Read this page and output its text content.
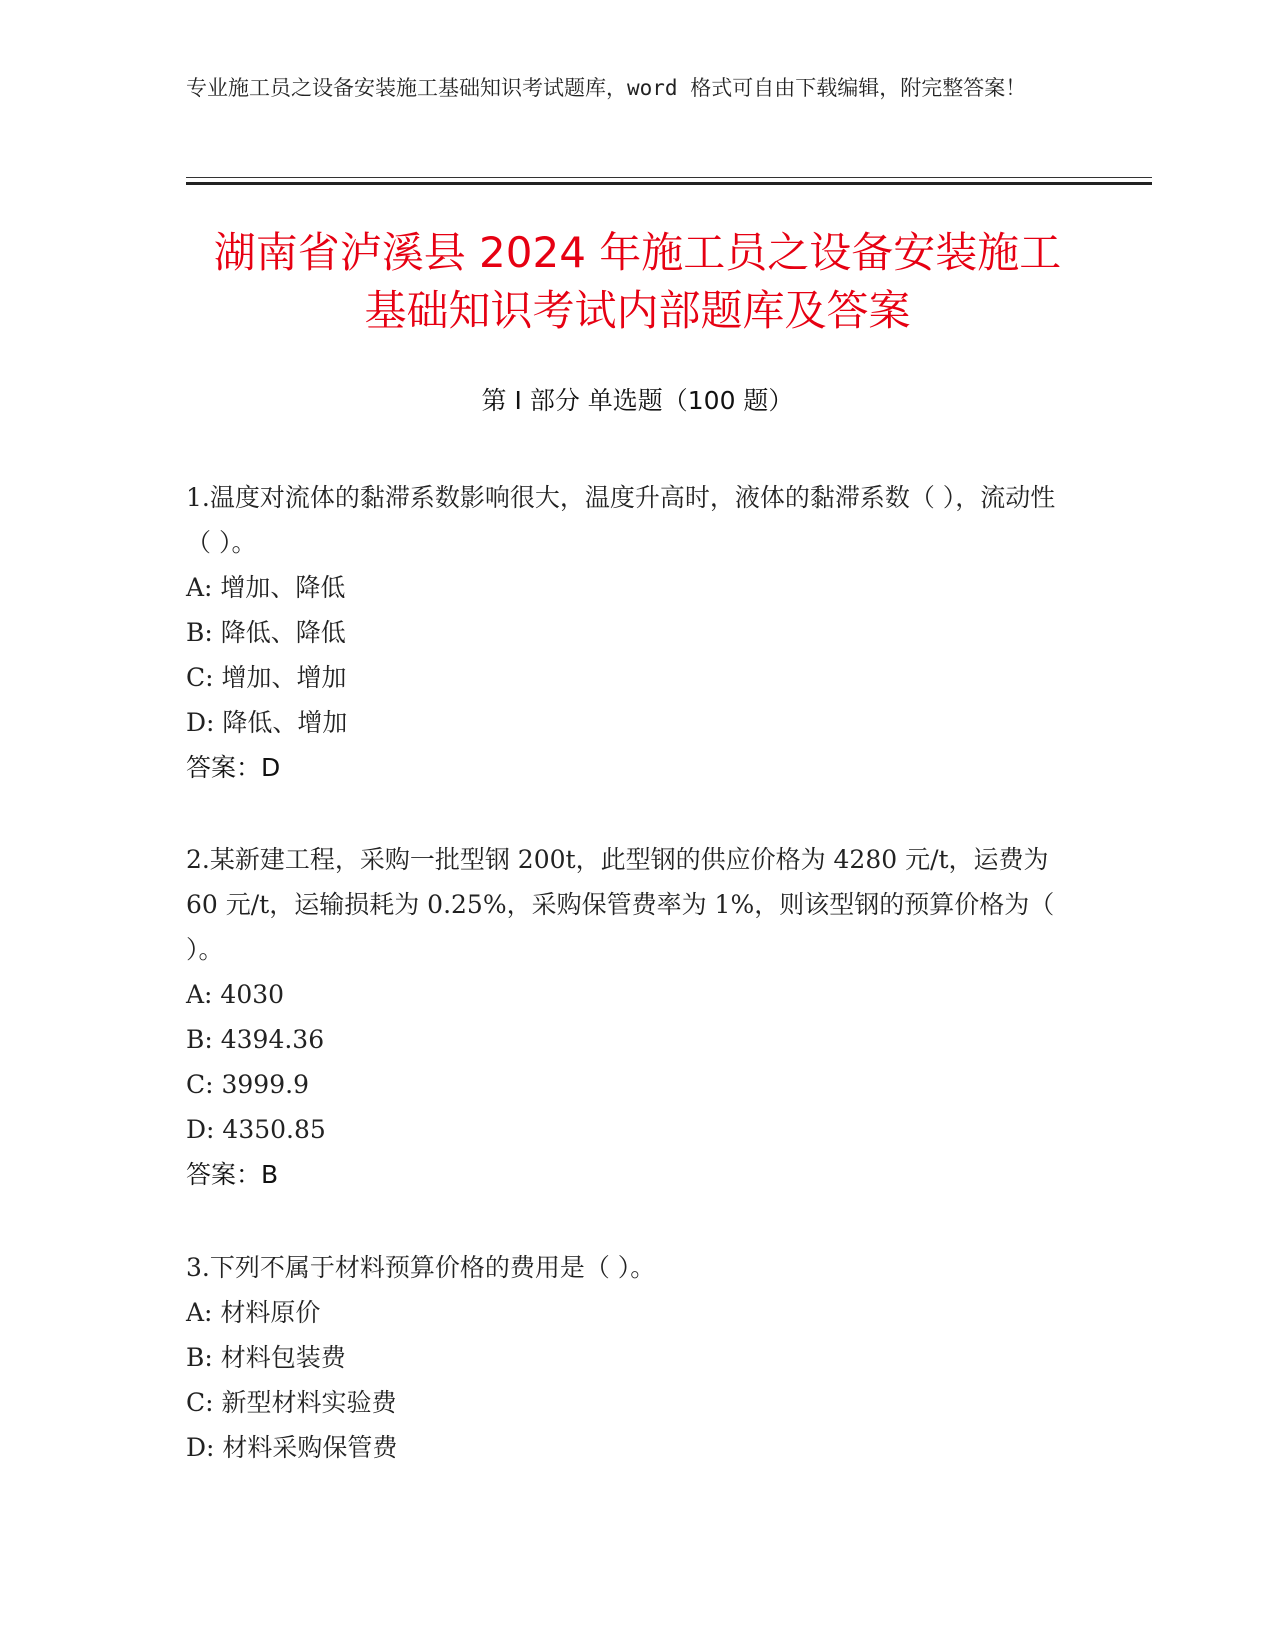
专业施工员之设备安装施工基础知识考试题库，word 格式可自由下载编辑，附完整答案！
湖南省泸溪县 2024 年施工员之设备安装施工
基础知识考试内部题库及答案
第 I 部分 单选题（100 题）
1.温度对流体的黏滞系数影响很大，温度升高时，液体的黏滞系数（ ），流动性（ ）。
A: 增加、降低
B: 降低、降低
C: 增加、增加
D: 降低、增加
答案：D
2.某新建工程，采购一批型钢 200t，此型钢的供应价格为 4280 元/t，运费为 60 元/t，运输损耗为 0.25%，采购保管费率为 1%，则该型钢的预算价格为（ ）。
A: 4030
B: 4394.36
C: 3999.9
D: 4350.85
答案：B
3.下列不属于材料预算价格的费用是（ ）。
A: 材料原价
B: 材料包装费
C: 新型材料实验费
D: 材料采购保管费
